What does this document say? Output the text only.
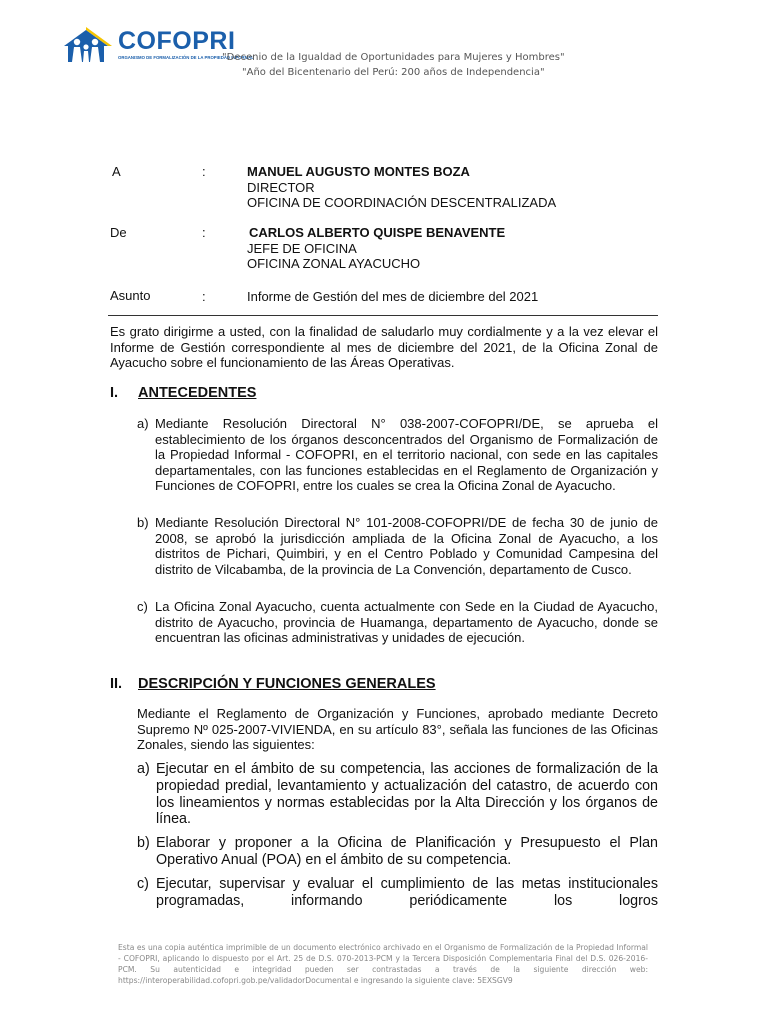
COFOPRI
ORGANISMO DE FORMALIZACIÓN DE LA PROPIEDAD INFORMAL
"Decenio de la Igualdad de Oportunidades para Mujeres y Hombres"
"Año del Bicentenario del Perú: 200 años de Independencia"
A	:	MANUEL AUGUSTO MONTES BOZA
DIRECTOR
OFICINA DE COORDINACIÓN DESCENTRALIZADA
De	:	CARLOS ALBERTO QUISPE BENAVENTE
JEFE DE OFICINA
OFICINA ZONAL AYACUCHO
Asunto	:	Informe de Gestión del mes de diciembre del 2021
Es grato dirigirme a usted, con la finalidad de saludarlo muy cordialmente y a la vez elevar el Informe de Gestión correspondiente al mes de diciembre del 2021, de la Oficina Zonal de Ayacucho sobre el funcionamiento de las Áreas Operativas.
I. ANTECEDENTES
a) Mediante Resolución Directoral N° 038-2007-COFOPRI/DE, se aprueba el establecimiento de los órganos desconcentrados del Organismo de Formalización de la Propiedad Informal - COFOPRI, en el territorio nacional, con sede en las capitales departamentales, con las funciones establecidas en el Reglamento de Organización y Funciones de COFOPRI, entre los cuales se crea la Oficina Zonal de Ayacucho.
b) Mediante Resolución Directoral N° 101-2008-COFOPRI/DE de fecha 30 de junio de 2008, se aprobó la jurisdicción ampliada de la Oficina Zonal de Ayacucho, a los distritos de Pichari, Quimbiri, y en el Centro Poblado y Comunidad Campesina del distrito de Vilcabamba, de la provincia de La Convención, departamento de Cusco.
c) La Oficina Zonal Ayacucho, cuenta actualmente con Sede en la Ciudad de Ayacucho, distrito de Ayacucho, provincia de Huamanga, departamento de Ayacucho, donde se encuentran las oficinas administrativas y unidades de ejecución.
II. DESCRIPCIÓN Y FUNCIONES GENERALES
Mediante el Reglamento de Organización y Funciones, aprobado mediante Decreto Supremo Nº 025-2007-VIVIENDA, en su artículo 83°, señala las funciones de las Oficinas Zonales, siendo las siguientes:
a) Ejecutar en el ámbito de su competencia, las acciones de formalización de la propiedad predial, levantamiento y actualización del catastro, de acuerdo con los lineamientos y normas establecidas por la Alta Dirección y los órganos de línea.
b) Elaborar y proponer a la Oficina de Planificación y Presupuesto el Plan Operativo Anual (POA) en el ámbito de su competencia.
c) Ejecutar, supervisar y evaluar el cumplimiento de las metas institucionales programadas, informando periódicamente los logros
Esta es una copia auténtica imprimible de un documento electrónico archivado en el Organismo de Formalización de la Propiedad Informal - COFOPRI, aplicando lo dispuesto por el Art. 25 de D.S. 070-2013-PCM y la Tercera Disposición Complementaria Final del D.S. 026-2016-PCM. Su autenticidad e integridad pueden ser contrastadas a través de la siguiente dirección web: https://interoperabilidad.cofopri.gob.pe/validadorDocumental e ingresando la siguiente clave: 5EXSGV9
